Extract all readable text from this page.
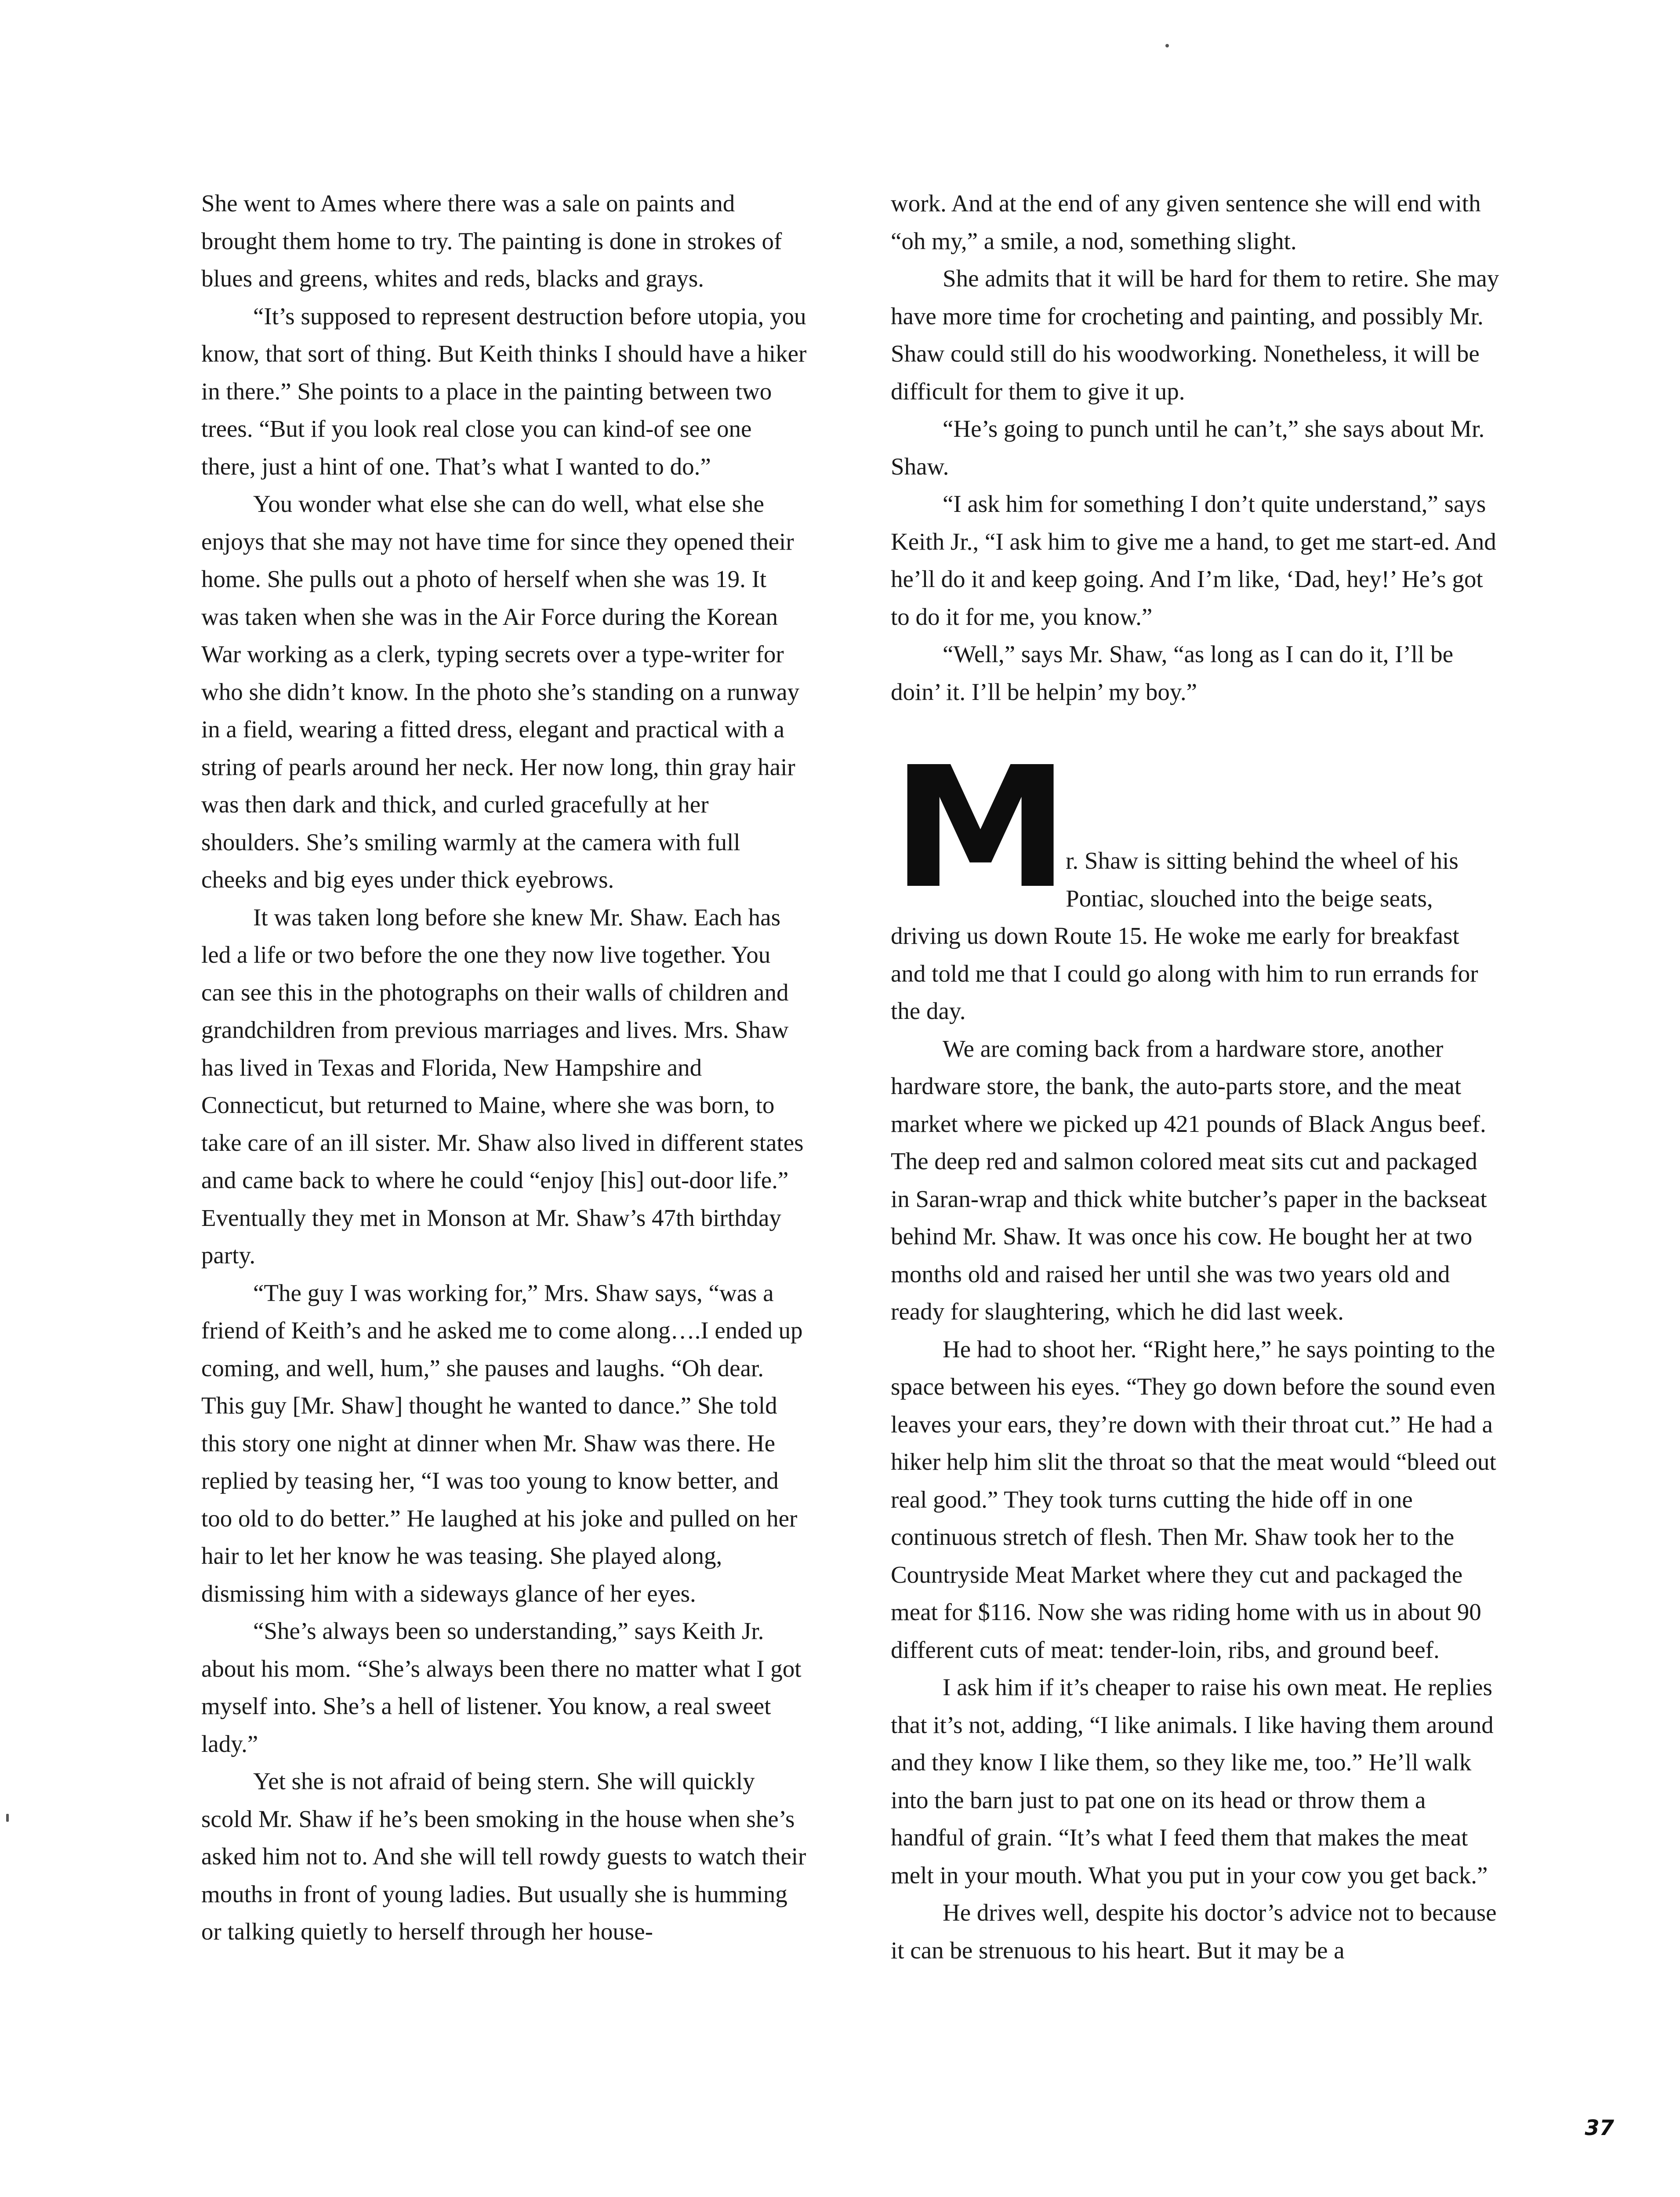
She went to Ames where there was a sale on paints and brought them home to try. The painting is done in strokes of blues and greens, whites and reds, blacks and grays.

“It’s supposed to represent destruction before utopia, you know, that sort of thing. But Keith thinks I should have a hiker in there.” She points to a place in the painting between two trees. “But if you look real close you can kind-of see one there, just a hint of one. That’s what I wanted to do.”

You wonder what else she can do well, what else she enjoys that she may not have time for since they opened their home. She pulls out a photo of herself when she was 19. It was taken when she was in the Air Force during the Korean War working as a clerk, typing secrets over a type-writer for who she didn’t know. In the photo she’s standing on a runway in a field, wearing a fitted dress, elegant and practical with a string of pearls around her neck. Her now long, thin gray hair was then dark and thick, and curled gracefully at her shoulders. She’s smiling warmly at the camera with full cheeks and big eyes under thick eyebrows.

It was taken long before she knew Mr. Shaw. Each has led a life or two before the one they now live together. You can see this in the photographs on their walls of children and grandchildren from previous marriages and lives. Mrs. Shaw has lived in Texas and Florida, New Hampshire and Connecticut, but returned to Maine, where she was born, to take care of an ill sister. Mr. Shaw also lived in different states and came back to where he could “enjoy [his] out-door life.” Eventually they met in Monson at Mr. Shaw’s 47th birthday party.

“The guy I was working for,” Mrs. Shaw says, “was a friend of Keith’s and he asked me to come along….I ended up coming, and well, hum,” she pauses and laughs. “Oh dear. This guy [Mr. Shaw] thought he wanted to dance.” She told this story one night at dinner when Mr. Shaw was there. He replied by teasing her, “I was too young to know better, and too old to do better.” He laughed at his joke and pulled on her hair to let her know he was teasing. She played along, dismissing him with a sideways glance of her eyes.

“She’s always been so understanding,” says Keith Jr. about his mom. “She’s always been there no matter what I got myself into. She’s a hell of listener. You know, a real sweet lady.”

Yet she is not afraid of being stern. She will quickly scold Mr. Shaw if he’s been smoking in the house when she’s asked him not to. And she will tell rowdy guests to watch their mouths in front of young ladies. But usually she is humming or talking quietly to herself through her house-

work. And at the end of any given sentence she will end with “oh my,” a smile, a nod, something slight.

She admits that it will be hard for them to retire. She may have more time for crocheting and painting, and possibly Mr. Shaw could still do his woodworking. Nonetheless, it will be difficult for them to give it up.

“He’s going to punch until he can’t,” she says about Mr. Shaw.

“I ask him for something I don’t quite understand,” says Keith Jr., “I ask him to give me a hand, to get me start-ed. And he’ll do it and keep going. And I’m like, ‘Dad, hey!’ He’s got to do it for me, you know.”

“Well,” says Mr. Shaw, “as long as I can do it, I’ll be doin’ it. I’ll be helpin’ my boy.”

M
r. Shaw is sitting behind the wheel of his Pontiac, slouched into the beige seats, driving us down Route 15. He woke me early for breakfast and told me that I could go along with him to run errands for the day.

We are coming back from a hardware store, another hardware store, the bank, the auto-parts store, and the meat market where we picked up 421 pounds of Black Angus beef. The deep red and salmon colored meat sits cut and packaged in Saran-wrap and thick white butcher’s paper in the backseat behind Mr. Shaw. It was once his cow. He bought her at two months old and raised her until she was two years old and ready for slaughtering, which he did last week.

He had to shoot her. “Right here,” he says pointing to the space between his eyes. “They go down before the sound even leaves your ears, they’re down with their throat cut.” He had a hiker help him slit the throat so that the meat would “bleed out real good.” They took turns cutting the hide off in one continuous stretch of flesh. Then Mr. Shaw took her to the Countryside Meat Market where they cut and packaged the meat for $116. Now she was riding home with us in about 90 different cuts of meat: tender-loin, ribs, and ground beef.

I ask him if it’s cheaper to raise his own meat. He replies that it’s not, adding, “I like animals. I like having them around and they know I like them, so they like me, too.” He’ll walk into the barn just to pat one on its head or throw them a handful of grain. “It’s what I feed them that makes the meat melt in your mouth. What you put in your cow you get back.”

He drives well, despite his doctor’s advice not to because it can be strenuous to his heart. But it may be a

37
